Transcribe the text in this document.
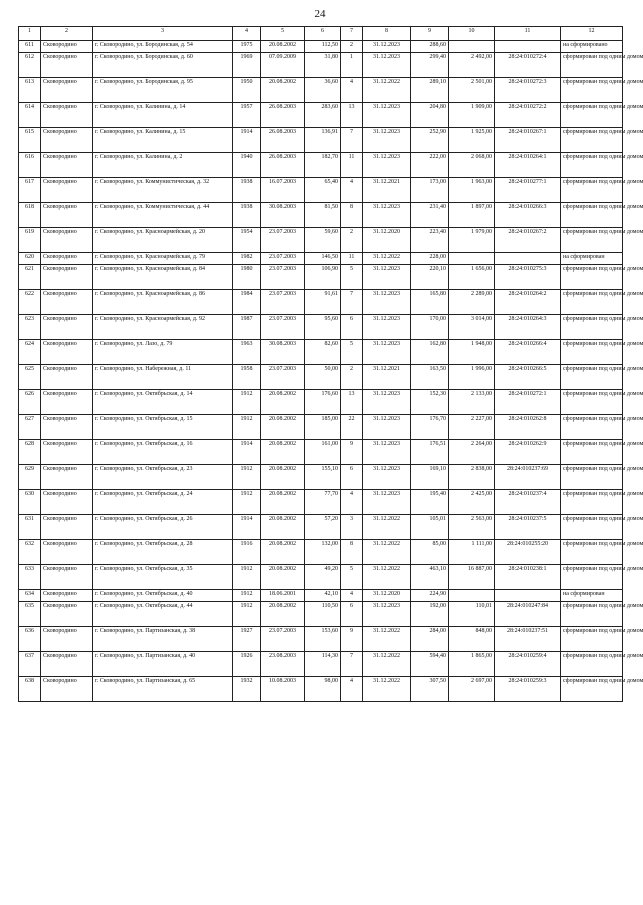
24
1	2	3	4	5	6	7	8	9	10	11	12
611	Сковородино	г. Сковородино, ул. Бородинская, д. 54	1975	20.08.2002	112,50	2	31.12.2023	288,60			на сформировано
612	Сковородино	г. Сковородино, ул. Бородинская, д. 60	1969	07.09.2009	31,80	1	31.12.2023	299,40	2 492,00	28:24:010272:4	сформирован под одним домом
613	Сковородино	г. Сковородино, ул. Бородинская, д. 95	1950	20.08.2002	36,60	4	31.12.2022	289,10	2 501,00	28:24:010272:3	сформирован под одним домом
614	Сковородино	г. Сковородино, ул. Калинина, д. 14	1957	26.08.2003	283,60	13	31.12.2023	204,80	1 909,00	28:24:010272:2	сформирован под одним домом
615	Сковородино	г. Сковородино, ул. Калинина, д. 15	1914	26.08.2003	136,91	7	31.12.2023	252,90	1 925,00	28:24:010267:1	сформирован под одним домом
616	Сковородино	г. Сковородино, ул. Калинина, д. 2	1940	26.08.2003	182,70	11	31.12.2023	222,00	2 068,00	28:24:010264:1	сформирован под одним домом
617	Сковородино	г. Сковородино, ул. Коммунистическая, д. 32	1938	16.07.2003	65,40	4	31.12.2021	173,00	1 963,00	28:24:010277:1	сформирован под одним домом
618	Сковородино	г. Сковородино, ул. Коммунистическая, д. 44	1938	30.08.2003	81,50	8	31.12.2023	231,40	1 897,00	28:24:010266:3	сформирован под одним домом
619	Сковородино	г. Сковородино, ул. Красноармейская, д. 20	1954	23.07.2003	59,60	2	31.12.2020	223,40	1 979,00	28:24:010267:2	сформирован под одним домом
620	Сковородино	г. Сковородино, ул. Красноармейская, д. 79	1982	23.07.2003	146,50	11	31.12.2022	228,00			на сформирован
621	Сковородино	г. Сковородино, ул. Красноармейская, д. 84	1980	23.07.2003	106,90	5	31.12.2023	220,10	1 656,00	28:24:010275:3	сформирован под одним домом
622	Сковородино	г. Сковородино, ул. Красноармейская, д. 86	1984	23.07.2003	91,61	7	31.12.2023	165,80	2 289,00	28:24:010264:2	сформирован под одним домом
623	Сковородино	г. Сковородино, ул. Красноармейская, д. 92	1987	23.07.2003	95,60	6	31.12.2023	170,00	3 014,00	28:24:010264:3	сформирован под одним домом
624	Сковородино	г. Сковородино, ул. Лазо, д. 79	1963	30.08.2003	82,60	5	31.12.2023	162,80	1 948,00	28:24:010266:4	сформирован под одним домом
625	Сковородино	г. Сковородино, ул. Набережная, д. 11	1958	23.07.2003	50,00	2	31.12.2021	163,50	1 996,00	28:24:010266:5	сформирован под одним домом
626	Сковородино	г. Сковородино, ул. Октябрьская, д. 14	1912	20.08.2002	176,60	13	31.12.2023	152,30	2 133,00	28:24:010272:1	сформирован под одним домом
627	Сковородино	г. Сковородино, ул. Октябрьская, д. 15	1912	20.08.2002	185,00	22	31.12.2023	176,70	2 227,00	28:24:010262:8	сформирован под одним домом
628	Сковородино	г. Сковородино, ул. Октябрьская, д. 16	1914	20.08.2002	161,00	9	31.12.2023	176,51	2 264,00	28:24:010262:9	сформирован под одним домом
629	Сковородино	г. Сковородино, ул. Октябрьская, д. 23	1912	20.08.2002	155,10	6	31.12.2023	169,10	2 838,00	28:24:010237:69	сформирован под одним домом
630	Сковородино	г. Сковородино, ул. Октябрьская, д. 24	1912	20.08.2002	77,70	4	31.12.2023	195,40	2 425,00	28:24:010237:4	сформирован под одним домом
631	Сковородино	г. Сковородино, ул. Октябрьская, д. 26	1914	20.08.2002	57,20	3	31.12.2022	105,01	2 563,00	28:24:010237:5	сформирован под одним домом
632	Сковородино	г. Сковородино, ул. Октябрьская, д. 28	1916	20.08.2002	132,00	8	31.12.2022	85,00	1 111,00	28:24:010255:20	сформирован под одним домом
633	Сковородино	г. Сковородино, ул. Октябрьская, д. 35	1912	20.08.2002	49,20	5	31.12.2022	463,10	16 887,00	28:24:010238:1	сформирован под одним домом
634	Сковородино	г. Сковородино, ул. Октябрьская, д. 40	1912	18.06.2001	42,10	4	31.12.2020	224,90			на сформирован
635	Сковородино	г. Сковородино, ул. Октябрьская, д. 44	1912	20.08.2002	110,50	6	31.12.2023	192,00	110,01	28:24:010247:84	сформирован под одним домом
636	Сковородино	г. Сковородино, ул. Партизанская, д. 38	1927	23.07.2003	153,60	9	31.12.2022	284,00	848,00	28:24:010237:51	сформирован под одним домом
637	Сковородино	г. Сковородино, ул. Партизанская, д. 40	1926	23.08.2003	114,30	7	31.12.2022	594,40	1 865,00	28:24:010259:4	сформирован под одним домом
638	Сковородино	г. Сковородино, ул. Партизанская, д. 65	1932	10.08.2003	98,00	4	31.12.2022	307,50	2 697,00	28:24:010259:3	сформирован под одним домом
